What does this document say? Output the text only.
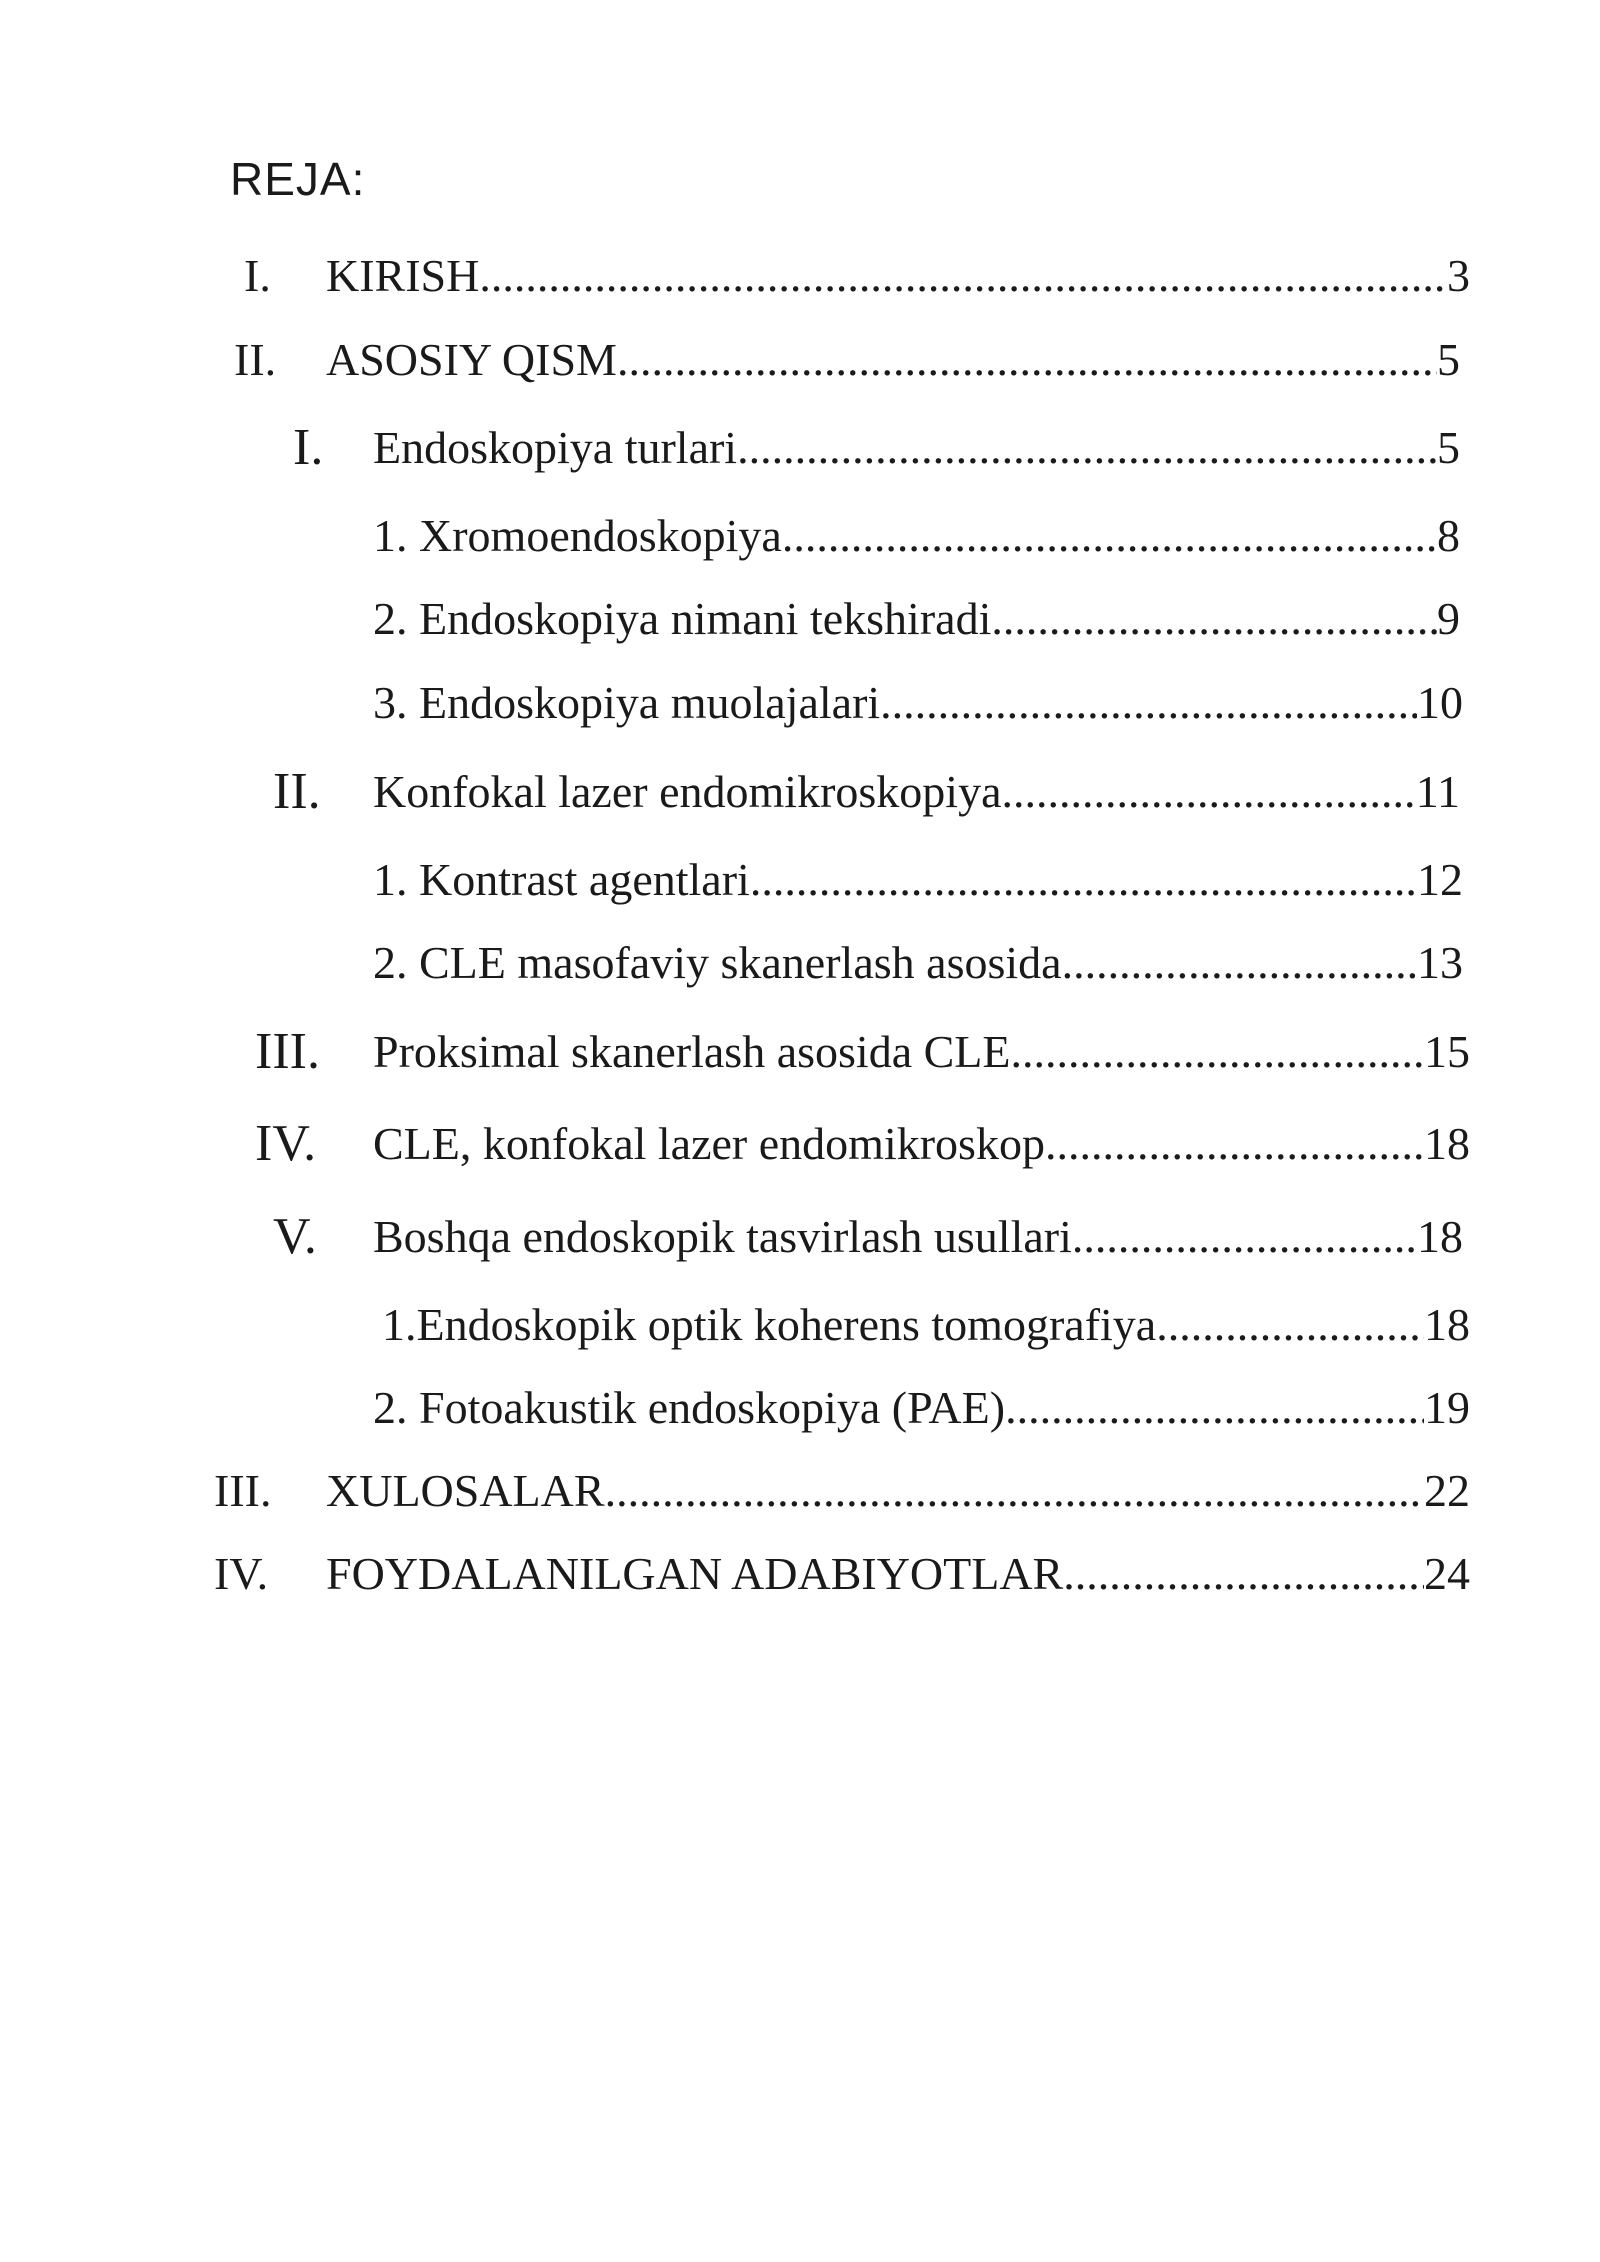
REJA:
I.	KIRISH .....	3
II.	ASOSIY QISM .....	5
I.	Endoskopiya turlari .....	5
1. Xromoendoskopiya .....	8
2. Endoskopiya nimani tekshiradi .....	9
3. Endoskopiya muolajalari .....	10
II.	Konfokal lazer endomikroskopiya .....	11
1. Kontrast agentlari .....	12
2. CLE masofaviy skanerlash asosida .....	13
III.	Proksimal skanerlash asosida CLE .....	15
IV.	CLE, konfokal lazer endomikroskop .....	18
V.	Boshqa endoskopik tasvirlash usullari .....	18
1.Endoskopik optik koherens tomografiya .....	18
2. Fotoakustik endoskopiya (PAE) .....	19
III.	XULOSALAR .....	22
IV.	FOYDALANILGAN ADABIYOTLAR .....	24
